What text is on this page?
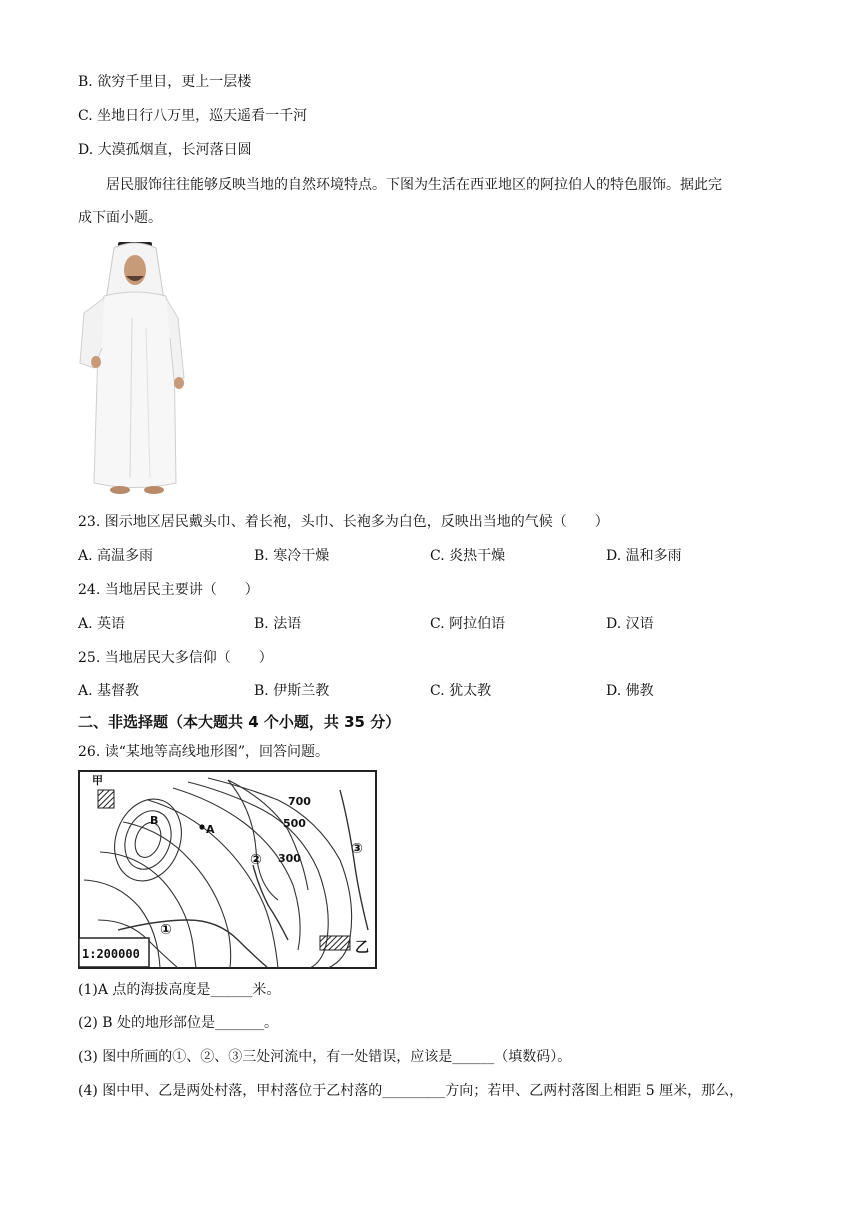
B. 欲穷千里目，更上一层楼
C. 坐地日行八万里，巡天遥看一千河
D. 大漠孤烟直，长河落日圆
居民服饰往往能够反映当地的自然环境特点。下图为生活在西亚地区的阿拉伯人的特色服饰。据此完
成下面小题。
23. 图示地区居民戴头巾、着长袍，头巾、长袍多为白色，反映出当地的气候（　　）
A. 高温多雨	B. 寒冷干燥	C. 炎热干燥	D. 温和多雨
24. 当地居民主要讲（　　）
A. 英语	B. 法语	C. 阿拉伯语	D. 汉语
25. 当地居民大多信仰（　　）
A. 基督教	B. 伊斯兰教	C. 犹太教	D. 佛教
二、非选择题（本大题共 4 个小题，共 35 分）
26. 读“某地等高线地形图”，回答问题。
甲
B
A
700
500
300
②
③
①
乙
1:200000
(1)A 点的海拔高度是______米。
(2) B 处的地形部位是_______。
(3) 图中所画的①、②、③三处河流中，有一处错误，应该是______（填数码）。
(4) 图中甲、乙是两处村落，甲村落位于乙村落的_________方向；若甲、乙两村落图上相距 5 厘米，那么，
